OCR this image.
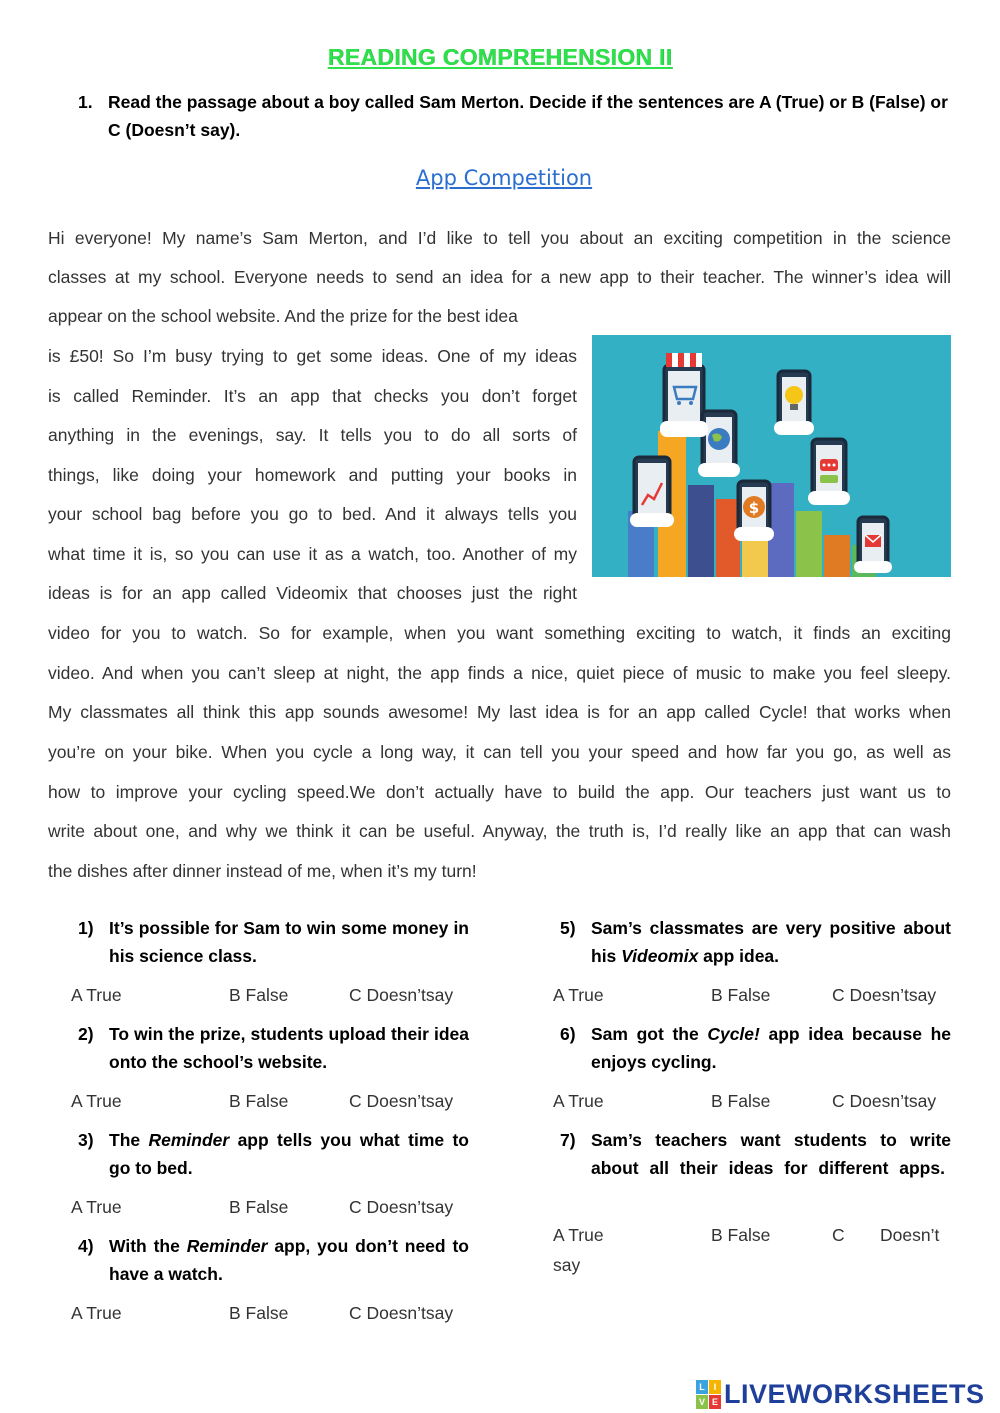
READING COMPREHENSION II
1. Read the passage about a boy called Sam Merton. Decide if the sentences are A (True) or B (False) or C (Doesn’t say).
App Competition
Hi everyone! My name’s Sam Merton, and I’d like to tell you about an exciting competition in the science
classes at my school. Everyone needs to send an idea for a new app to their teacher. The winner’s idea will
appear on the school website. And the prize for the best idea
is £50! So I’m busy trying to get some ideas. One of my ideas
is called Reminder. It’s an app that checks you don’t forget
anything in the evenings, say. It tells you to do all sorts of
things, like doing your homework and putting your books in
your school bag before you go to bed. And it always tells you
what time it is, so you can use it as a watch, too. Another of my
ideas is for an app called Videomix that chooses just the right
video for you to watch. So for example, when you want something exciting to watch, it finds an exciting
video. And when you can’t sleep at night, the app finds a nice, quiet piece of music to make you feel sleepy.
My classmates all think this app sounds awesome! My last idea is for an app called Cycle! that works when
you’re on your bike. When you cycle a long way, it can tell you your speed and how far you go, as well as
how to improve your cycling speed.We don’t actually have to build the app. Our teachers just want us to
write about one, and why we think it can be useful. Anyway, the truth is, I’d really like an app that can wash
the dishes after dinner instead of me, when it’s my turn!
$
1) It’s possible for Sam to win some money in his science class.
A True	B False	C Doesn’tsay
2) To win the prize, students upload their idea onto the school’s website.
A True	B False	C Doesn’tsay
3) The Reminder app tells you what time to go to bed.
A True	B False	C Doesn’tsay
4) With the Reminder app, you don’t need to have a watch.
A True	B False	C Doesn’tsay
5) Sam’s classmates are very positive about his Videomix app idea.
A True	B False	C Doesn’tsay
6) Sam got the Cycle! app idea because he enjoys cycling.
A True	B False	C Doesn’tsay
7) Sam’s teachers want students to write about all their ideas for different apps.
A True	B False	C Doesn’t
say
L I
V E LIVEWORKSHEETS
